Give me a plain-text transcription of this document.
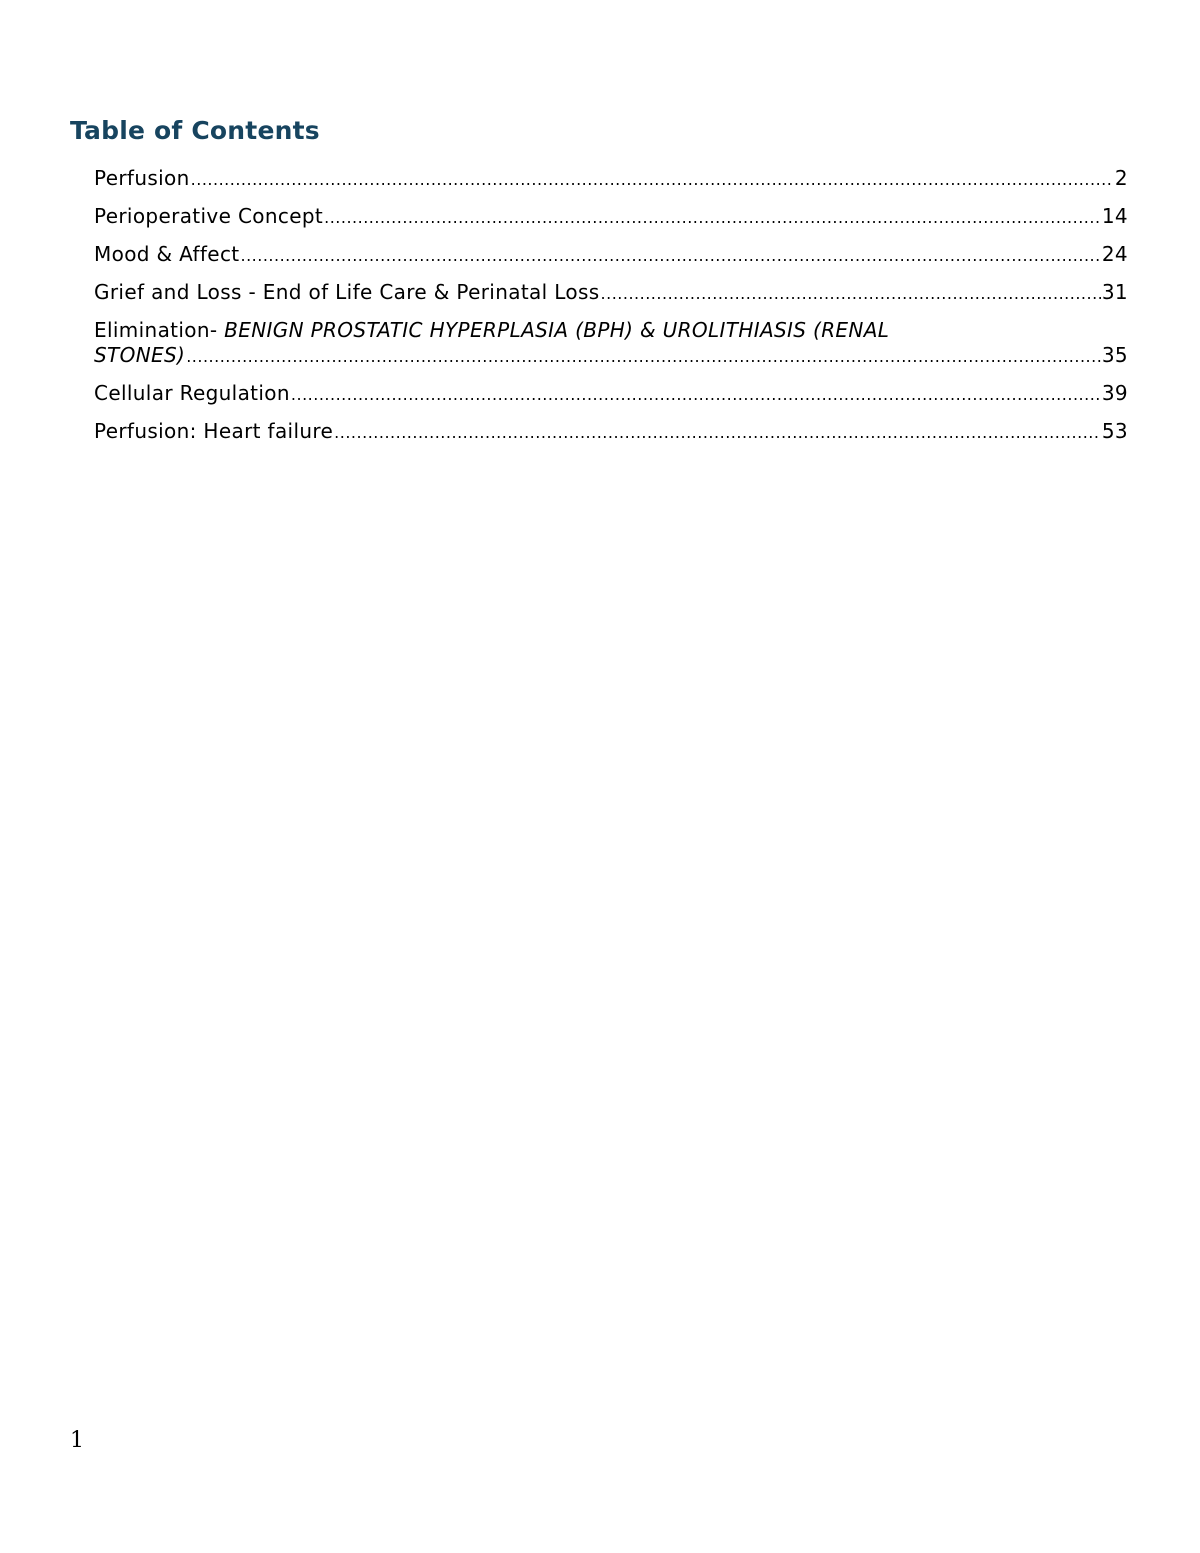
Table of Contents
Perfusion .....	2
Perioperative Concept .....	14
Mood & Affect .....	24
Grief and Loss - End of Life Care & Perinatal Loss .....	31
Elimination- BENIGN PROSTATIC HYPERPLASIA (BPH) & UROLITHIASIS (RENAL
STONES) .....	35
Cellular Regulation .....	39
Perfusion: Heart failure .....	53
1
